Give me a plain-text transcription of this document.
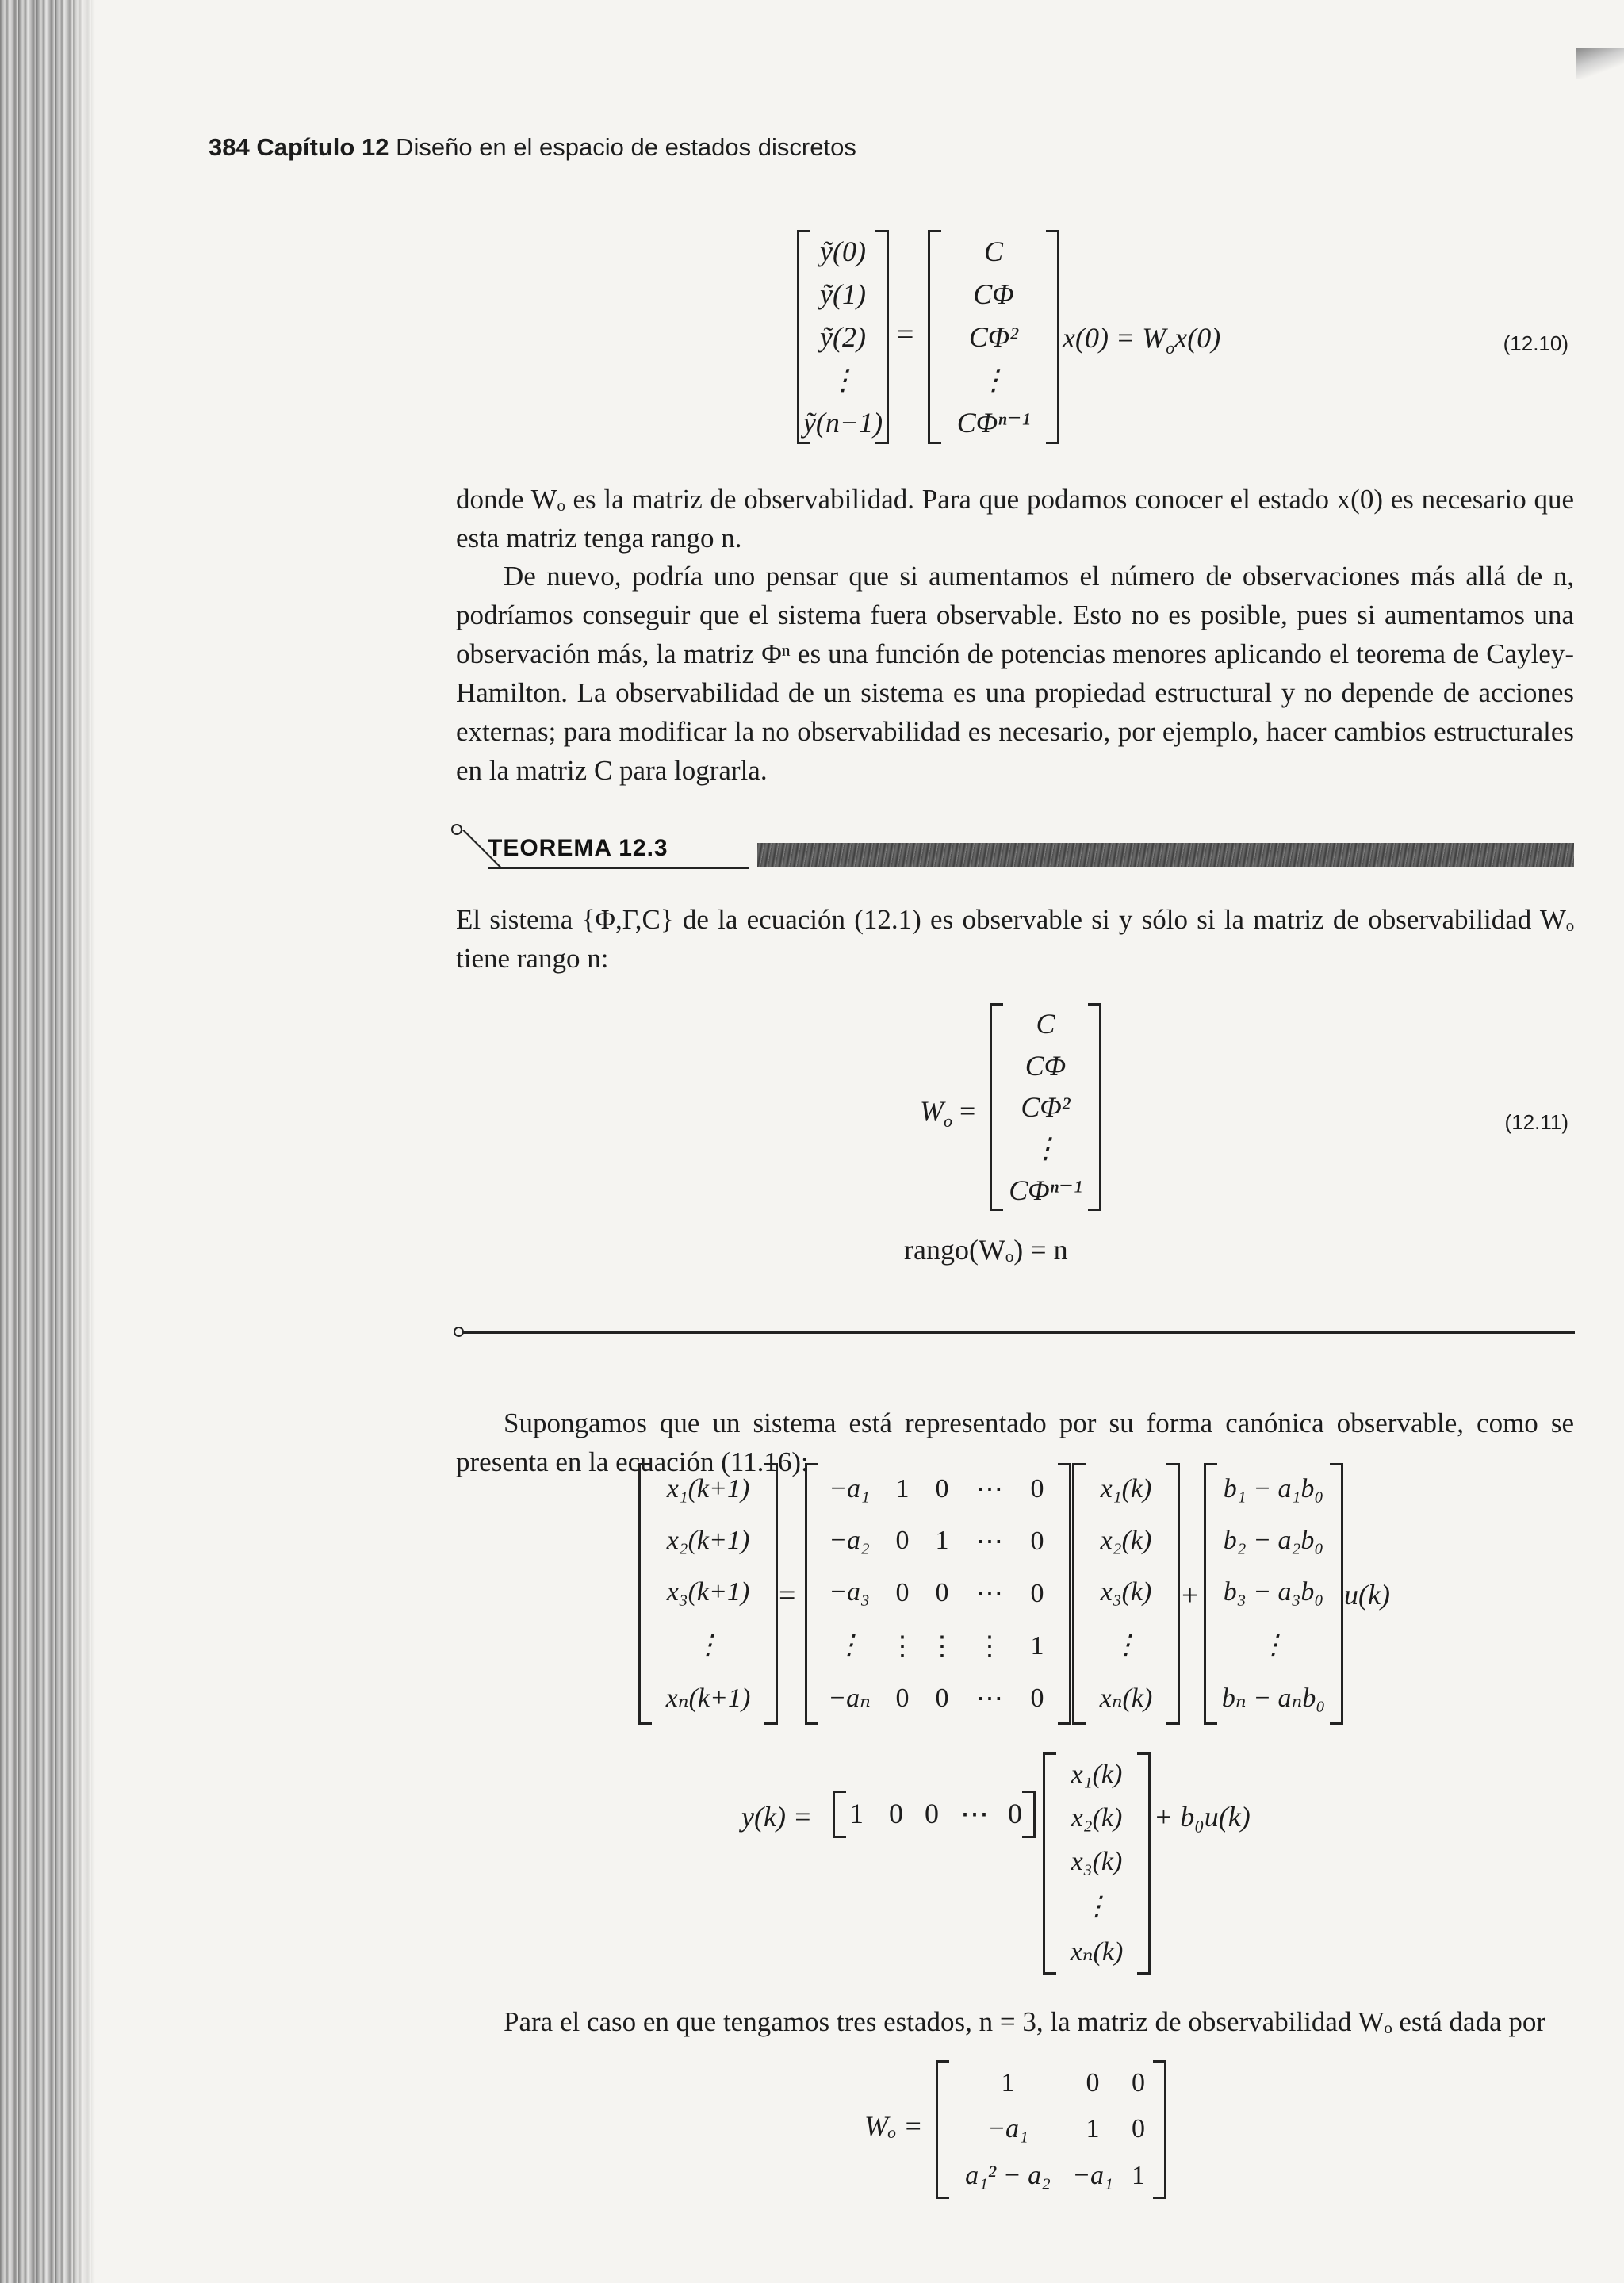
384 Capítulo 12 Diseño en el espacio de estados discretos
ỹ(0)
ỹ(1)
ỹ(2)
⋮
ỹ(n−1)
=
C
CΦ
CΦ²
⋮
CΦⁿ⁻¹
$x(0) = W_ox(0)$	(12.10)
donde Wₒ es la matriz de observabilidad. Para que podamos conocer el estado x(0) es necesario que esta matriz tenga rango n.
De nuevo, podría uno pensar que si aumentamos el número de observaciones más allá de n, podríamos conseguir que el sistema fuera observable. Esto no es posible, pues si aumentamos una observación más, la matriz Φⁿ es una función de potencias menores aplicando el teorema de Cayley-Hamilton. La observabilidad de un sistema es una propiedad estructural y no depende de acciones externas; para modificar la no observabilidad es necesario, por ejemplo, hacer cambios estructurales en la matriz C para lograrla.
TEOREMA 12.3
El sistema {Φ,Γ,C} de la ecuación (12.1) es observable si y sólo si la matriz de observabilidad Wₒ tiene rango n:
$W_o$ =
C
CΦ
CΦ²
⋮
CΦⁿ⁻¹
(12.11)
rango(Wₒ) = n
Supongamos que un sistema está representado por su forma canónica observable, como se presenta en la ecuación (11.16):
x₁(k+1)
x₂(k+1)
x₃(k+1)
⋮
xₙ(k+1)
=
−a₁
−a₂
−a₃
⋮
−aₙ
1
0
0
⋮
0
0
1
0
⋮
0
⋯
⋯
⋯
⋮
⋯
0
0
0
1
0
x₁(k)
x₂(k)
x₃(k)
⋮
xₙ(k)
+
b₁ − a₁b₀
b₂ − a₂b₀
b₃ − a₃b₀
⋮
bₙ − aₙb₀
u(k)
y(k) = 1 0 0 ⋯ 0
x₁(k)
x₂(k)
x₃(k)
⋮
xₙ(k)
+ b₀u(k)
Para el caso en que tengamos tres estados, n = 3, la matriz de observabilidad Wₒ está dada por
Wₒ =
1
−a₁
a₁² − a₂
0
1
−a₁
0
0
1
